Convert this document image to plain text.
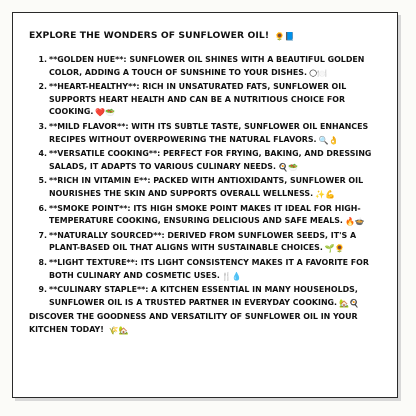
EXPLORE THE WONDERS OF SUNFLOWER OIL! 🌻📘
1. **GOLDEN HUE**: SUNFLOWER OIL SHINES WITH A BEAUTIFUL GOLDEN COLOR, ADDING A TOUCH OF SUNSHINE TO YOUR DISHES. 🌕🍽️
2. **HEART-HEALTHY**: RICH IN UNSATURATED FATS, SUNFLOWER OIL SUPPORTS HEART HEALTH AND CAN BE A NUTRITIOUS CHOICE FOR COOKING. ❤️🥗
3. **MILD FLAVOR**: WITH ITS SUBTLE TASTE, SUNFLOWER OIL ENHANCES RECIPES WITHOUT OVERPOWERING THE NATURAL FLAVORS. 🔍👌
4. **VERSATILE COOKING**: PERFECT FOR FRYING, BAKING, AND DRESSING SALADS, IT ADAPTS TO VARIOUS CULINARY NEEDS. 🍳🥗
5. **RICH IN VITAMIN E**: PACKED WITH ANTIOXIDANTS, SUNFLOWER OIL NOURISHES THE SKIN AND SUPPORTS OVERALL WELLNESS. ✨💪
6. **SMOKE POINT**: ITS HIGH SMOKE POINT MAKES IT IDEAL FOR HIGH-TEMPERATURE COOKING, ENSURING DELICIOUS AND SAFE MEALS. 🔥🍲
7. **NATURALLY SOURCED**: DERIVED FROM SUNFLOWER SEEDS, IT'S A PLANT-BASED OIL THAT ALIGNS WITH SUSTAINABLE CHOICES. 🌱🌻
8. **LIGHT TEXTURE**: ITS LIGHT CONSISTENCY MAKES IT A FAVORITE FOR BOTH CULINARY AND COSMETIC USES. 🍴💧
9. **CULINARY STAPLE**: A KITCHEN ESSENTIAL IN MANY HOUSEHOLDS, SUNFLOWER OIL IS A TRUSTED PARTNER IN EVERYDAY COOKING. 🏡🍳
DISCOVER THE GOODNESS AND VERSATILITY OF SUNFLOWER OIL IN YOUR KITCHEN TODAY! 🌾🏡
